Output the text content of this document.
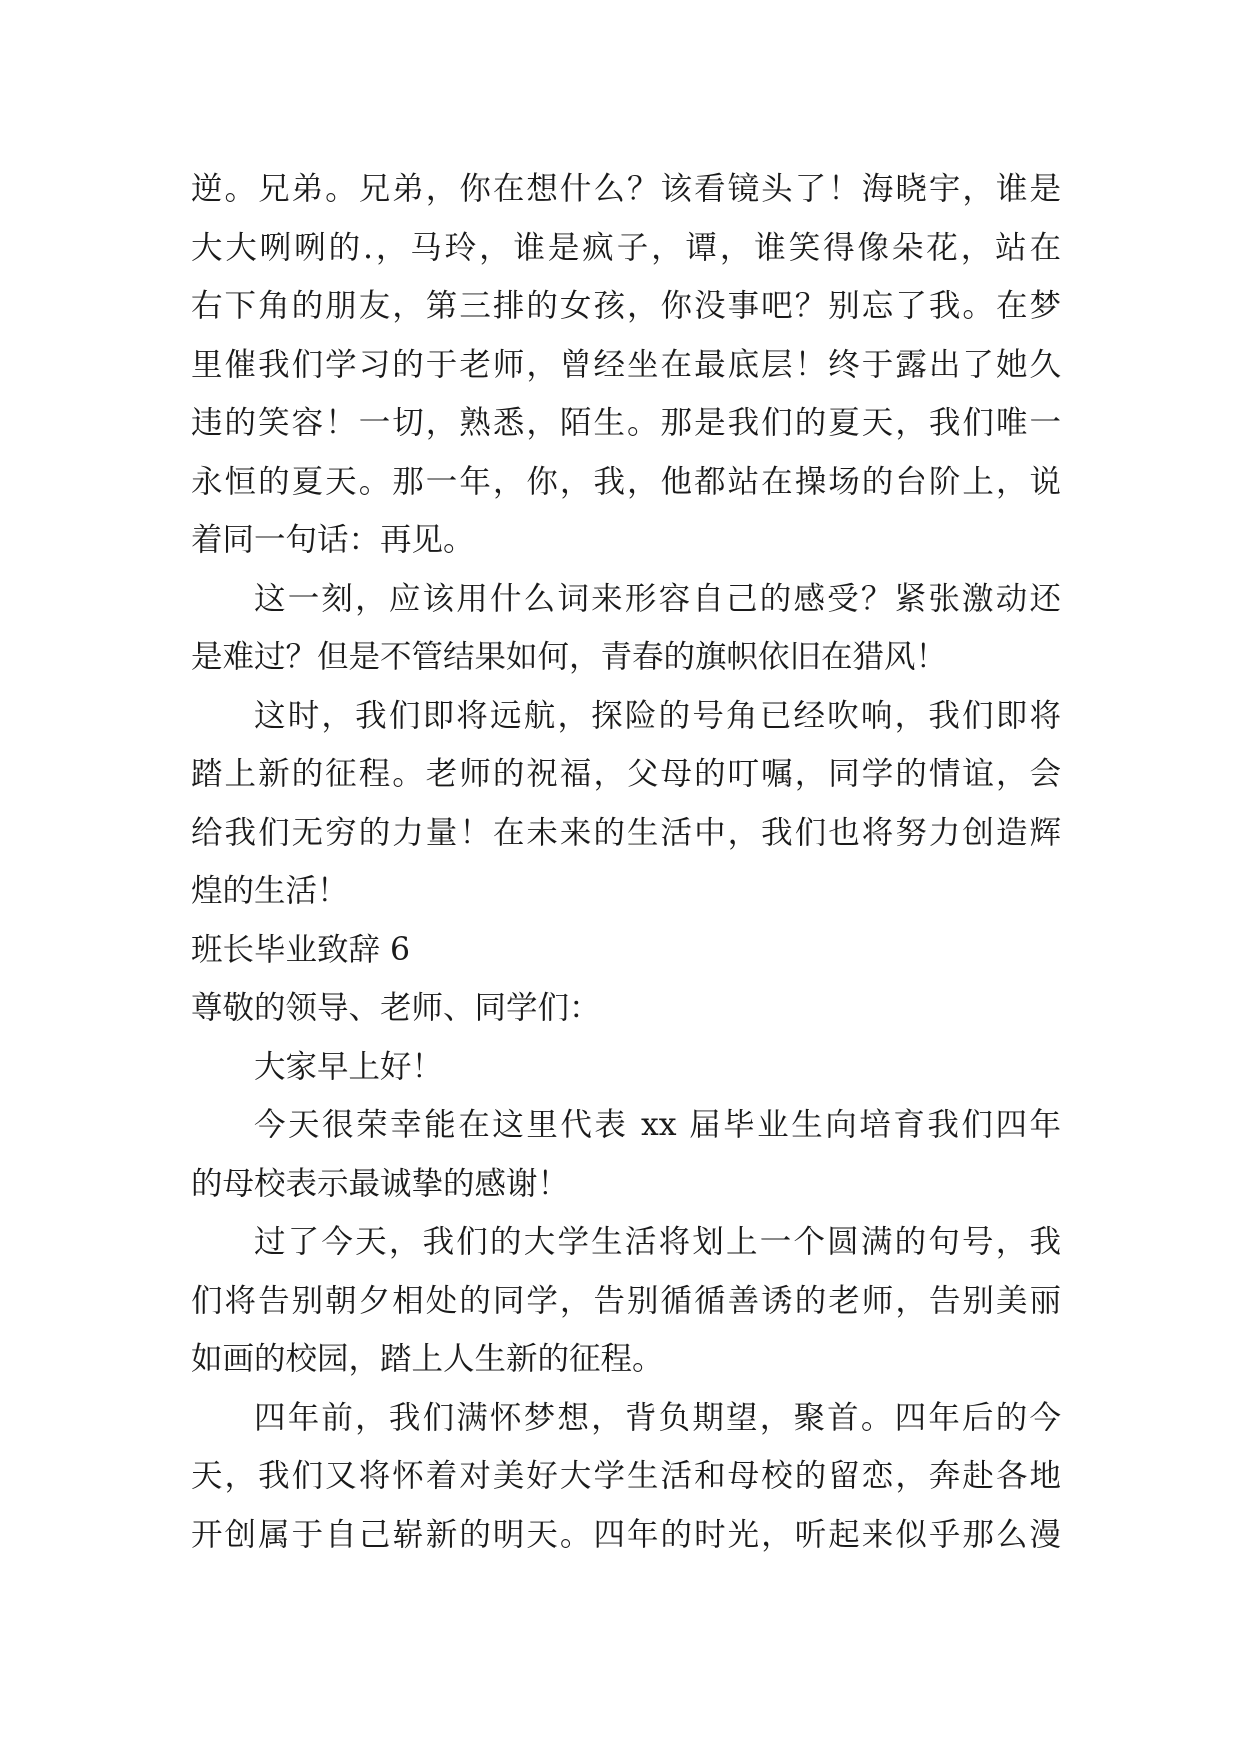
逆。兄弟。兄弟，你在想什么？该看镜头了！海晓宇，谁是
大大咧咧的.，马玲，谁是疯子，谭，谁笑得像朵花，站在
右下角的朋友，第三排的女孩，你没事吧？别忘了我。在梦
里催我们学习的于老师，曾经坐在最底层！终于露出了她久
违的笑容！一切，熟悉，陌生。那是我们的夏天，我们唯一
永恒的夏天。那一年，你，我，他都站在操场的台阶上，说
着同一句话：再见。
这一刻，应该用什么词来形容自己的感受？紧张激动还
是难过？但是不管结果如何，青春的旗帜依旧在猎风！
这时，我们即将远航，探险的号角已经吹响，我们即将
踏上新的征程。老师的祝福，父母的叮嘱，同学的情谊，会
给我们无穷的力量！在未来的生活中，我们也将努力创造辉
煌的生活！
班长毕业致辞 6
尊敬的领导、老师、同学们：
大家早上好！
今天很荣幸能在这里代表 xx 届毕业生向培育我们四年
的母校表示最诚挚的感谢！
过了今天，我们的大学生活将划上一个圆满的句号，我
们将告别朝夕相处的同学，告别循循善诱的老师，告别美丽
如画的校园，踏上人生新的征程。
四年前，我们满怀梦想，背负期望，聚首。四年后的今
天，我们又将怀着对美好大学生活和母校的留恋，奔赴各地
开创属于自己崭新的明天。四年的时光，听起来似乎那么漫
